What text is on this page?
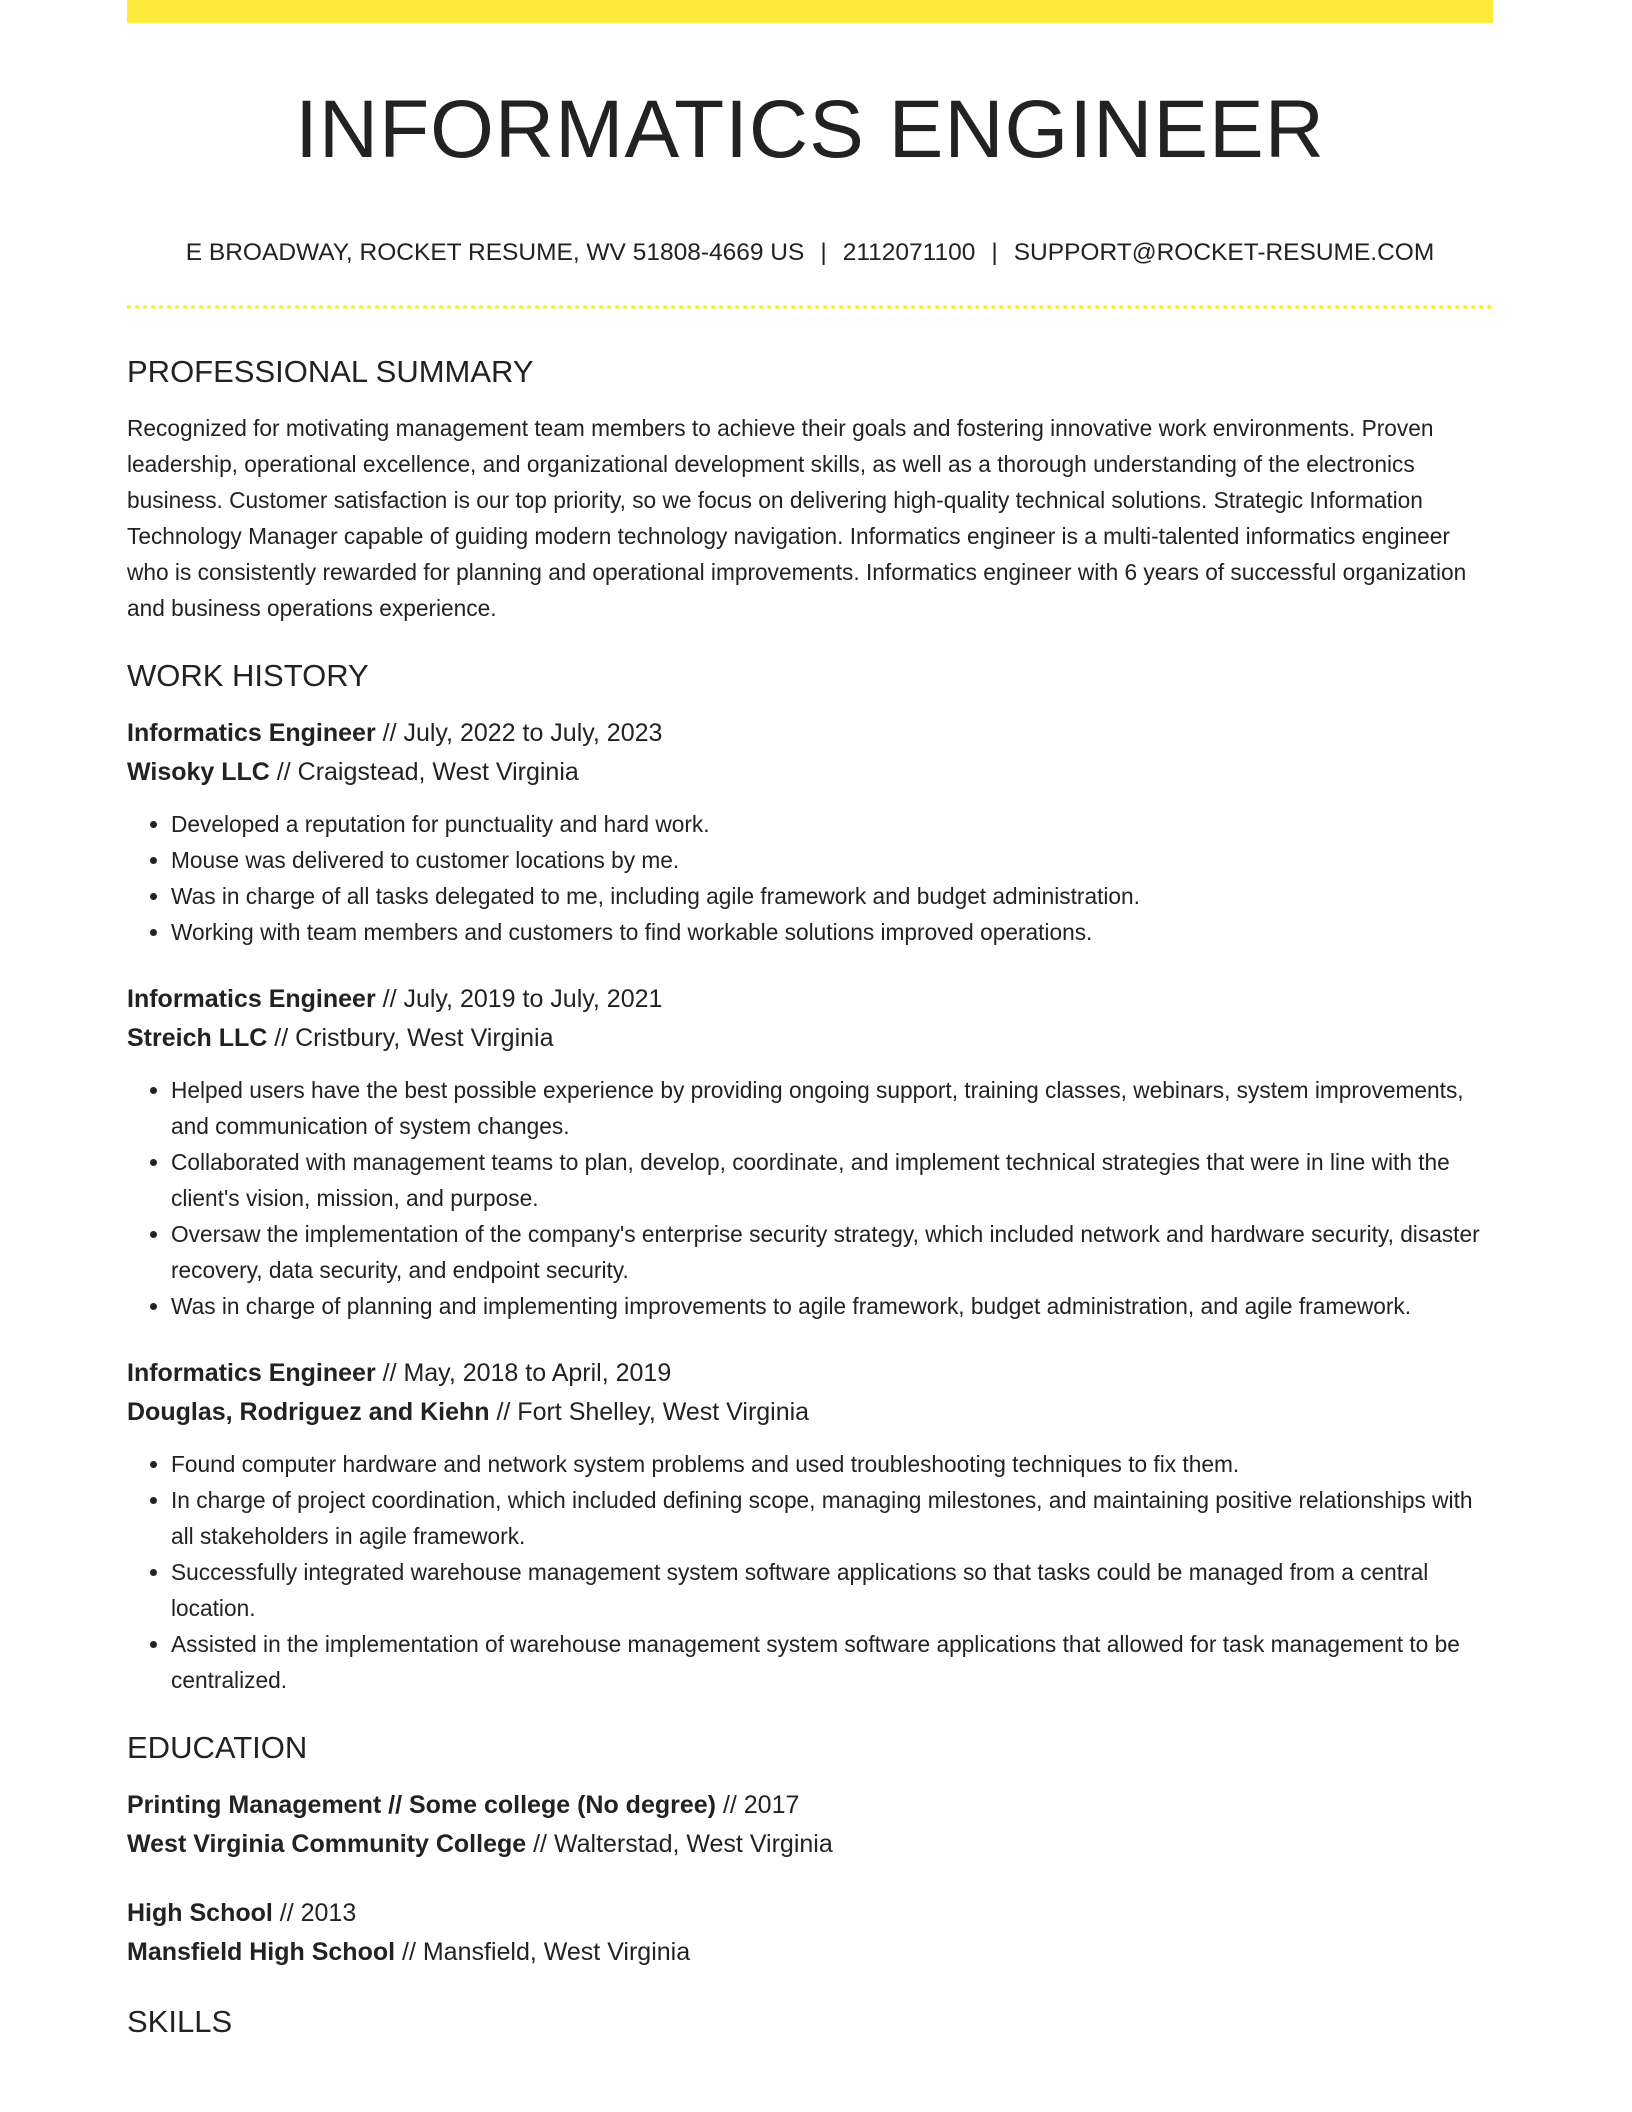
INFORMATICS ENGINEER
E BROADWAY, ROCKET RESUME, WV 51808-4669 US | 2112071100 | SUPPORT@ROCKET-RESUME.COM
PROFESSIONAL SUMMARY

Recognized for motivating management team members to achieve their goals and fostering innovative work environments. Proven leadership, operational excellence, and organizational development skills, as well as a thorough understanding of the electronics business. Customer satisfaction is our top priority, so we focus on delivering high-quality technical solutions. Strategic Information Technology Manager capable of guiding modern technology navigation. Informatics engineer is a multi-talented informatics engineer who is consistently rewarded for planning and operational improvements. Informatics engineer with 6 years of successful organization and business operations experience.

WORK HISTORY
Informatics Engineer // July, 2022 to July, 2023
Wisoky LLC // Craigstead, West Virginia
• Developed a reputation for punctuality and hard work.
• Mouse was delivered to customer locations by me.
• Was in charge of all tasks delegated to me, including agile framework and budget administration.
• Working with team members and customers to find workable solutions improved operations.
Informatics Engineer // July, 2019 to July, 2021
Streich LLC // Cristbury, West Virginia
• Helped users have the best possible experience by providing ongoing support, training classes, webinars, system improvements, and communication of system changes.
• Collaborated with management teams to plan, develop, coordinate, and implement technical strategies that were in line with the client's vision, mission, and purpose.
• Oversaw the implementation of the company's enterprise security strategy, which included network and hardware security, disaster recovery, data security, and endpoint security.
• Was in charge of planning and implementing improvements to agile framework, budget administration, and agile framework.
Informatics Engineer // May, 2018 to April, 2019
Douglas, Rodriguez and Kiehn // Fort Shelley, West Virginia
• Found computer hardware and network system problems and used troubleshooting techniques to fix them.
• In charge of project coordination, which included defining scope, managing milestones, and maintaining positive relationships with all stakeholders in agile framework.
• Successfully integrated warehouse management system software applications so that tasks could be managed from a central location.
• Assisted in the implementation of warehouse management system software applications that allowed for task management to be centralized.
EDUCATION
Printing Management // Some college (No degree) // 2017
West Virginia Community College // Walterstad, West Virginia
High School // 2013
Mansfield High School // Mansfield, West Virginia
SKILLS
